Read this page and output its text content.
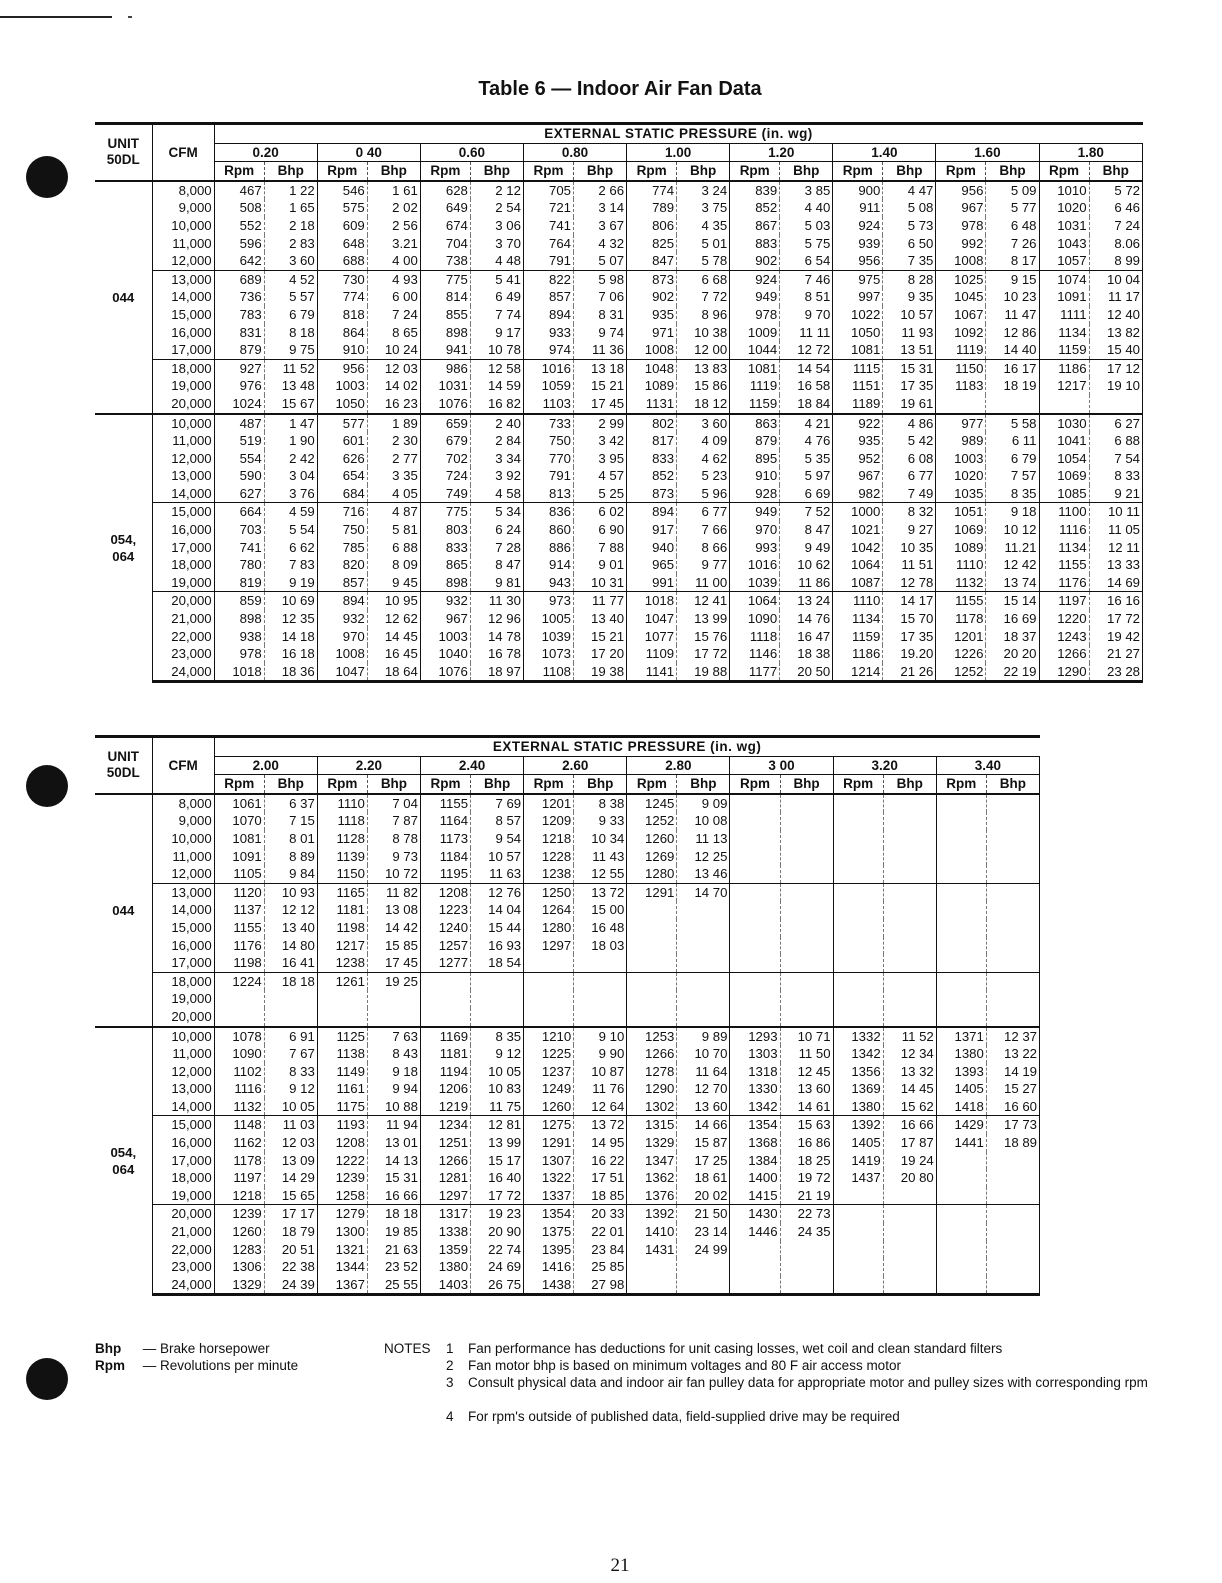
Table 6 — Indoor Air Fan Data
UNIT
50DL	CFM	EXTERNAL STATIC PRESSURE (in. wg)																	
		0.20		0 40		0.60		0.80		1.00		1.20		1.40		1.60		1.80	
		Rpm	Bhp	Rpm	Bhp	Rpm	Bhp	Rpm	Bhp	Rpm	Bhp	Rpm	Bhp	Rpm	Bhp	Rpm	Bhp	Rpm	Bhp
044	8,000	467	1 22	546	1 61	628	2 12	705	2 66	774	3 24	839	3 85	900	4 47	956	5 09	1010	5 72
	9,000	508	1 65	575	2 02	649	2 54	721	3 14	789	3 75	852	4 40	911	5 08	967	5 77	1020	6 46
	10,000	552	2 18	609	2 56	674	3 06	741	3 67	806	4 35	867	5 03	924	5 73	978	6 48	1031	7 24
	11,000	596	2 83	648	3.21	704	3 70	764	4 32	825	5 01	883	5 75	939	6 50	992	7 26	1043	8.06
	12,000	642	3 60	688	4 00	738	4 48	791	5 07	847	5 78	902	6 54	956	7 35	1008	8 17	1057	8 99
	13,000	689	4 52	730	4 93	775	5 41	822	5 98	873	6 68	924	7 46	975	8 28	1025	9 15	1074	10 04
	14,000	736	5 57	774	6 00	814	6 49	857	7 06	902	7 72	949	8 51	997	9 35	1045	10 23	1091	11 17
	15,000	783	6 79	818	7 24	855	7 74	894	8 31	935	8 96	978	9 70	1022	10 57	1067	11 47	1111	12 40
	16,000	831	8 18	864	8 65	898	9 17	933	9 74	971	10 38	1009	11 11	1050	11 93	1092	12 86	1134	13 82
	17,000	879	9 75	910	10 24	941	10 78	974	11 36	1008	12 00	1044	12 72	1081	13 51	1119	14 40	1159	15 40
	18,000	927	11 52	956	12 03	986	12 58	1016	13 18	1048	13 83	1081	14 54	1115	15 31	1150	16 17	1186	17 12
	19,000	976	13 48	1003	14 02	1031	14 59	1059	15 21	1089	15 86	1119	16 58	1151	17 35	1183	18 19	1217	19 10
	20,000	1024	15 67	1050	16 23	1076	16 82	1103	17 45	1131	18 12	1159	18 84	1189	19 61				
054,
064	10,000	487	1 47	577	1 89	659	2 40	733	2 99	802	3 60	863	4 21	922	4 86	977	5 58	1030	6 27
	11,000	519	1 90	601	2 30	679	2 84	750	3 42	817	4 09	879	4 76	935	5 42	989	6 11	1041	6 88
	12,000	554	2 42	626	2 77	702	3 34	770	3 95	833	4 62	895	5 35	952	6 08	1003	6 79	1054	7 54
	13,000	590	3 04	654	3 35	724	3 92	791	4 57	852	5 23	910	5 97	967	6 77	1020	7 57	1069	8 33
	14,000	627	3 76	684	4 05	749	4 58	813	5 25	873	5 96	928	6 69	982	7 49	1035	8 35	1085	9 21
	15,000	664	4 59	716	4 87	775	5 34	836	6 02	894	6 77	949	7 52	1000	8 32	1051	9 18	1100	10 11
	16,000	703	5 54	750	5 81	803	6 24	860	6 90	917	7 66	970	8 47	1021	9 27	1069	10 12	1116	11 05
	17,000	741	6 62	785	6 88	833	7 28	886	7 88	940	8 66	993	9 49	1042	10 35	1089	11.21	1134	12 11
	18,000	780	7 83	820	8 09	865	8 47	914	9 01	965	9 77	1016	10 62	1064	11 51	1110	12 42	1155	13 33
	19,000	819	9 19	857	9 45	898	9 81	943	10 31	991	11 00	1039	11 86	1087	12 78	1132	13 74	1176	14 69
	20,000	859	10 69	894	10 95	932	11 30	973	11 77	1018	12 41	1064	13 24	1110	14 17	1155	15 14	1197	16 16
	21,000	898	12 35	932	12 62	967	12 96	1005	13 40	1047	13 99	1090	14 76	1134	15 70	1178	16 69	1220	17 72
	22,000	938	14 18	970	14 45	1003	14 78	1039	15 21	1077	15 76	1118	16 47	1159	17 35	1201	18 37	1243	19 42
	23,000	978	16 18	1008	16 45	1040	16 78	1073	17 20	1109	17 72	1146	18 38	1186	19.20	1226	20 20	1266	21 27
	24,000	1018	18 36	1047	18 64	1076	18 97	1108	19 38	1141	19 88	1177	20 50	1214	21 26	1252	22 19	1290	23 28
UNIT
50DL	CFM	EXTERNAL STATIC PRESSURE (in. wg)															
		2.00		2.20		2.40		2.60		2.80		3 00		3.20		3.40	
		Rpm	Bhp	Rpm	Bhp	Rpm	Bhp	Rpm	Bhp	Rpm	Bhp	Rpm	Bhp	Rpm	Bhp	Rpm	Bhp
044	8,000	1061	6 37	1110	7 04	1155	7 69	1201	8 38	1245	9 09						
	9,000	1070	7 15	1118	7 87	1164	8 57	1209	9 33	1252	10 08						
	10,000	1081	8 01	1128	8 78	1173	9 54	1218	10 34	1260	11 13						
	11,000	1091	8 89	1139	9 73	1184	10 57	1228	11 43	1269	12 25						
	12,000	1105	9 84	1150	10 72	1195	11 63	1238	12 55	1280	13 46						
	13,000	1120	10 93	1165	11 82	1208	12 76	1250	13 72	1291	14 70						
	14,000	1137	12 12	1181	13 08	1223	14 04	1264	15 00								
	15,000	1155	13 40	1198	14 42	1240	15 44	1280	16 48								
	16,000	1176	14 80	1217	15 85	1257	16 93	1297	18 03								
	17,000	1198	16 41	1238	17 45	1277	18 54										
	18,000	1224	18 18	1261	19 25												
	19,000																
	20,000																
054,
064	10,000	1078	6 91	1125	7 63	1169	8 35	1210	9 10	1253	9 89	1293	10 71	1332	11 52	1371	12 37
	11,000	1090	7 67	1138	8 43	1181	9 12	1225	9 90	1266	10 70	1303	11 50	1342	12 34	1380	13 22
	12,000	1102	8 33	1149	9 18	1194	10 05	1237	10 87	1278	11 64	1318	12 45	1356	13 32	1393	14 19
	13,000	1116	9 12	1161	9 94	1206	10 83	1249	11 76	1290	12 70	1330	13 60	1369	14 45	1405	15 27
	14,000	1132	10 05	1175	10 88	1219	11 75	1260	12 64	1302	13 60	1342	14 61	1380	15 62	1418	16 60
	15,000	1148	11 03	1193	11 94	1234	12 81	1275	13 72	1315	14 66	1354	15 63	1392	16 66	1429	17 73
	16,000	1162	12 03	1208	13 01	1251	13 99	1291	14 95	1329	15 87	1368	16 86	1405	17 87	1441	18 89
	17,000	1178	13 09	1222	14 13	1266	15 17	1307	16 22	1347	17 25	1384	18 25	1419	19 24		
	18,000	1197	14 29	1239	15 31	1281	16 40	1322	17 51	1362	18 61	1400	19 72	1437	20 80		
	19,000	1218	15 65	1258	16 66	1297	17 72	1337	18 85	1376	20 02	1415	21 19				
	20,000	1239	17 17	1279	18 18	1317	19 23	1354	20 33	1392	21 50	1430	22 73				
	21,000	1260	18 79	1300	19 85	1338	20 90	1375	22 01	1410	23 14	1446	24 35				
	22,000	1283	20 51	1321	21 63	1359	22 74	1395	23 84	1431	24 99						
	23,000	1306	22 38	1344	23 52	1380	24 69	1416	25 85								
	24,000	1329	24 39	1367	25 55	1403	26 75	1438	27 98								
Bhp — Brake horsepower
Rpm — Revolutions per minute
NOTES 1 Fan performance has deductions for unit casing losses, wet coil and clean standard filters
2 Fan motor bhp is based on minimum voltages and 80 F air access motor
3 Consult physical data and indoor air fan pulley data for appropriate motor and pulley sizes with corresponding rpm
4 For rpm's outside of published data, field-supplied drive may be required
21
